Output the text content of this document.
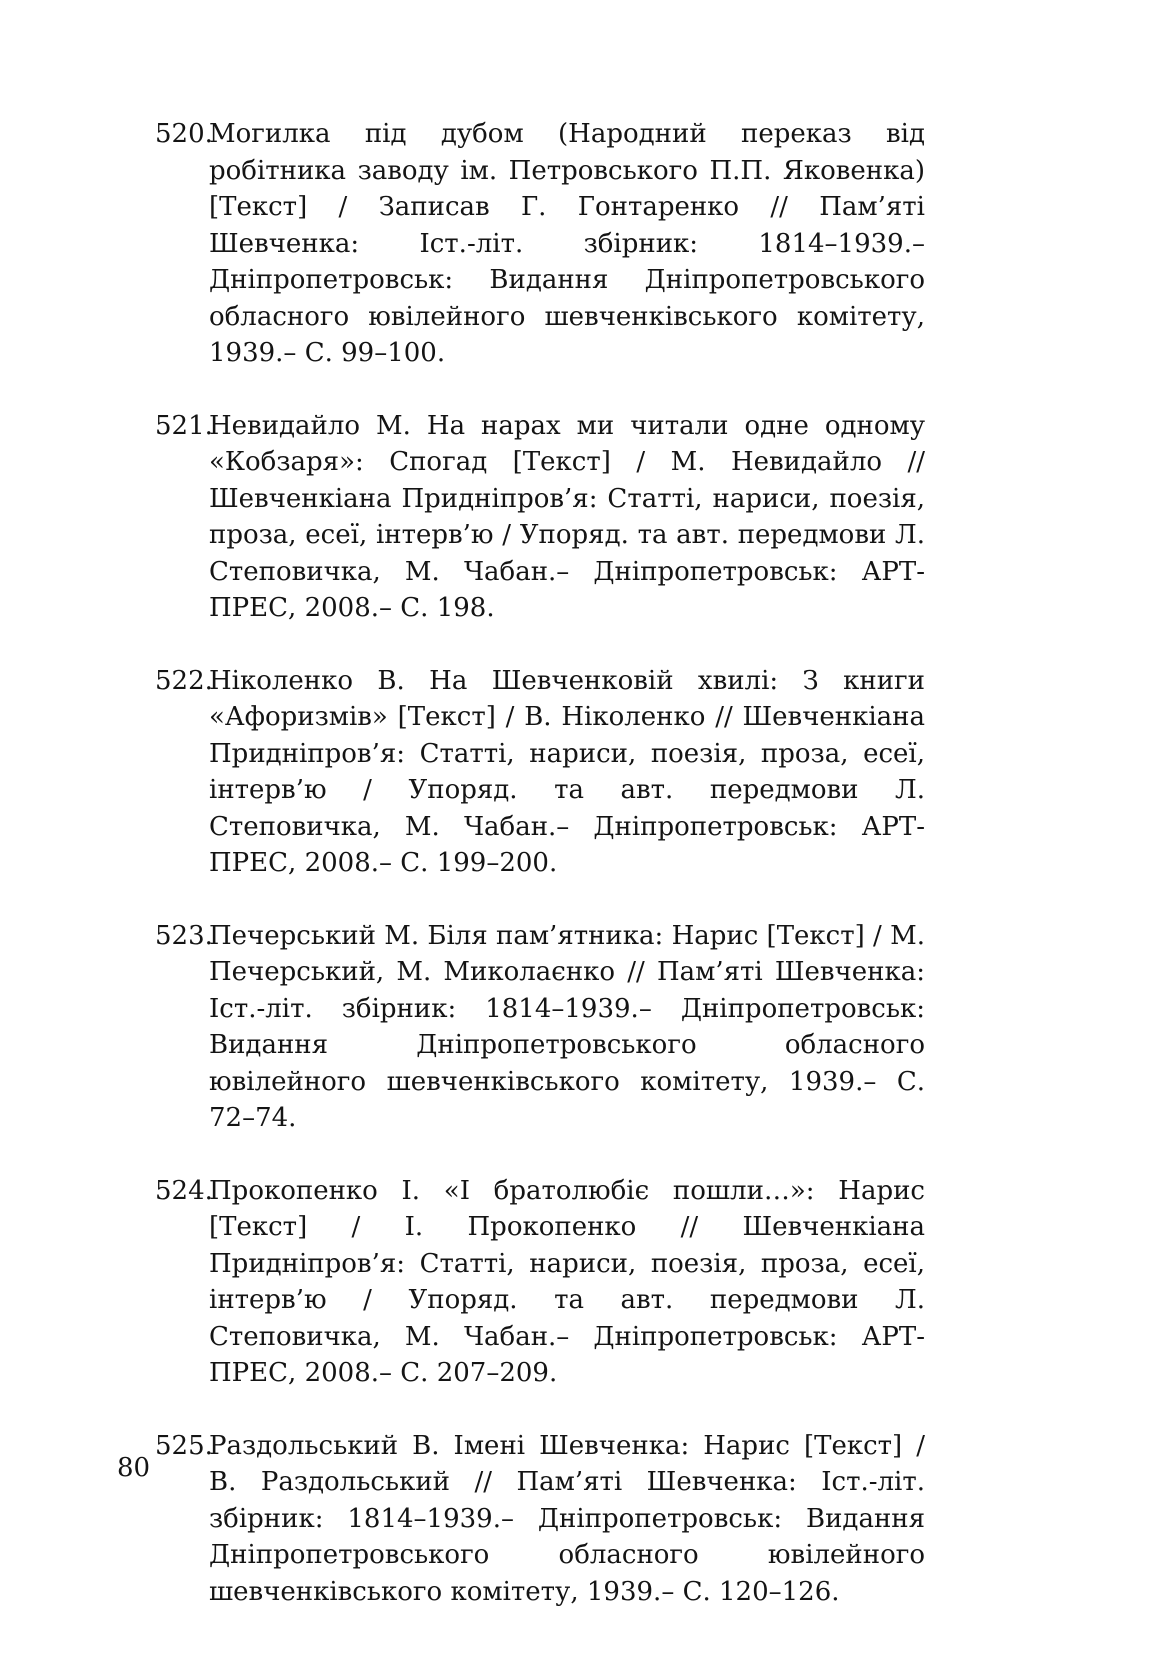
520.
Могилка під дубом (Народний переказ від робітника заводу ім. Петровського П.П. Яковенка) [Текст] / Записав Г. Гонтаренко // Пам’яті Шевченка: Іст.-літ. збірник: 1814–1939.– Дніпропетровськ: Видання Дніпропетровського обласного ювілейного шевченківського комітету, 1939.– С. 99–100.
521.
Невидайло М. На нарах ми читали одне одному «Кобзаря»: Спогад [Текст] / М. Невидайло // Шевченкіана Придніпров’я: Статті, нариси, поезія, проза, есеї, інтерв’ю / Упоряд. та авт. передмови Л. Степовичка, М. Чабан.– Дніпропетровськ: АРТ-ПРЕС, 2008.– С. 198.
522.
Ніколенко В. На Шевченковій хвилі: З книги «Афоризмів» [Текст] / В. Ніколенко // Шевченкіана Придніпров’я: Статті, нариси, поезія, проза, есеї, інтерв’ю / Упоряд. та авт. передмови Л. Степовичка, М. Чабан.– Дніпропетровськ: АРТ-ПРЕС, 2008.– С. 199–200.
523.
Печерський М. Біля пам’ятника: Нарис [Текст] / М. Печерський, М. Миколаєнко // Пам’яті Шевченка: Іст.-літ. збірник: 1814–1939.– Дніпропетровськ: Видання Дніпропетровського обласного ювілейного шевченківського комітету, 1939.– С. 72–74.
524.
Прокопенко І. «І братолюбіє пошли…»: Нарис [Текст] / І. Прокопенко // Шевченкіана Придніпров’я: Статті, нариси, поезія, проза, есеї, інтерв’ю / Упоряд. та авт. передмови Л. Степовичка, М. Чабан.– Дніпропетровськ: АРТ-ПРЕС, 2008.– С. 207–209.
525.
Раздольський В. Імені Шевченка: Нарис [Текст] / В. Раздольський // Пам’яті Шевченка: Іст.-літ. збірник: 1814–1939.– Дніпропетровськ: Видання Дніпропетровського обласного ювілейного шевченківського комітету, 1939.– С. 120–126.
80
